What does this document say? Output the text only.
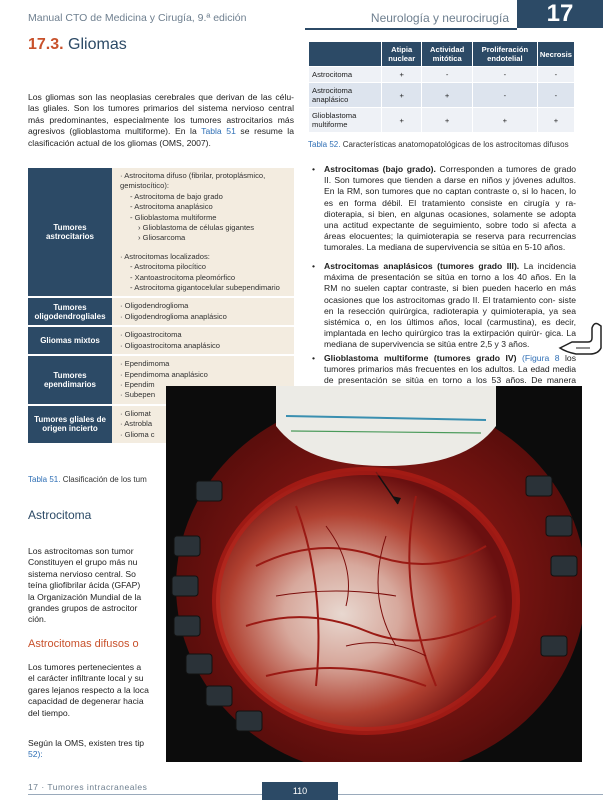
Manual CTO de Medicina y Cirugía, 9.ª edición	Neurología y neurocirugía	17
17.3. Gliomas

Los gliomas son las neoplasias cerebrales que derivan de las célu- las gliales. Son los tumores primarios del sistema nervioso central más predominantes, especialmente los tumores astrocitarios más agresivos (glioblastoma multiforme). En la Tabla 51 se resume la clasificación actual de los gliomas (OMS, 2007).

Tumores astrocitarios
· Astrocitoma difuso (fibrilar, protoplásmico, gemistocítico):
- Astrocitoma de bajo grado
- Astrocitoma anaplásico
- Glioblastoma multiforme
› Glioblastoma de células gigantes
› Gliosarcoma
· Astrocitomas localizados:
- Astrocitoma pilocítico
- Xantoastrocitoma pleomórfico
- Astrocitoma gigantocelular subependimario
Tumores oligodendrogliales
· Oligodendroglioma
· Oligodendroglioma anaplásico
Gliomas mixtos
· Oligoastrocitoma
· Oligoastrocitoma anaplásico
Tumores ependimarios
· Ependimoma
· Ependimoma anaplásico
· Ependim
· Subepen
Tumores gliales de origen incierto
· Gliomat
· Astrobla
· Glioma c
Tabla 51. Clasificación de los tum
Astrocitoma
Los astrocitomas son tumor
Constituyen el grupo más nu
sistema nervioso central. So
teína gliofibrilar ácida (GFAP)
la Organización Mundial de la
grandes grupos de astrocitor
ción.
Astrocitomas difusos o
Los tumores pertenecientes a
el carácter infiltrante local y su
gares lejanos respecto a la loca
capacidad de degenerar hacia
del tiempo.
Según la OMS, existen tres tip
52):
	Atipia nuclear	Actividad mitótica	Proliferación endotelial	Necrosis
Astrocitoma	+	-	-	-
Astrocitoma anaplásico	+	+	-	-
Glioblastoma multiforme	+	+	+	+
Tabla 52. Características anatomopatológicas de los astrocitomas difusos
• Astrocitomas (bajo grado). Corresponden a tumores de grado II. Son tumores que tienden a darse en niños y jóvenes adultos. En la RM, son tumores que no captan contraste o, si lo hacen, lo es en forma débil. El tratamiento consiste en cirugía y ra- dioterapia, si bien, en algunas ocasiones, solamente se adopta una actitud expectante de seguimiento, sobre todo si afecta a áreas elocuentes; la quimioterapia se reserva para recurrencias tumorales. La mediana de supervivencia se sitúa en 5-10 años.
• Astrocitomas anaplásicos (tumores grado III). La incidencia máxima de presentación se sitúa en torno a los 40 años. En la RM no suelen captar contraste, si bien pueden hacerlo en más ocasiones que los astrocitomas grado II. El tratamiento con- siste en la resección quirúrgica, radioterapia y quimioterapia, ya sea sistémica o, en los últimos años, local (carmustina), es decir, implantada en lecho quirúrgico tras la extirpación quirúr- gica. La mediana de supervivencia se sitúa entre 2,5 y 3 años.
• Glioblastoma multiforme (tumores grado IV) (Figura 8 los tumores primarios más frecuentes en los adultos. La edad media de presentación se sitúa en torno a los 53 años. De manera
17 · Tumores intracraneales	110
